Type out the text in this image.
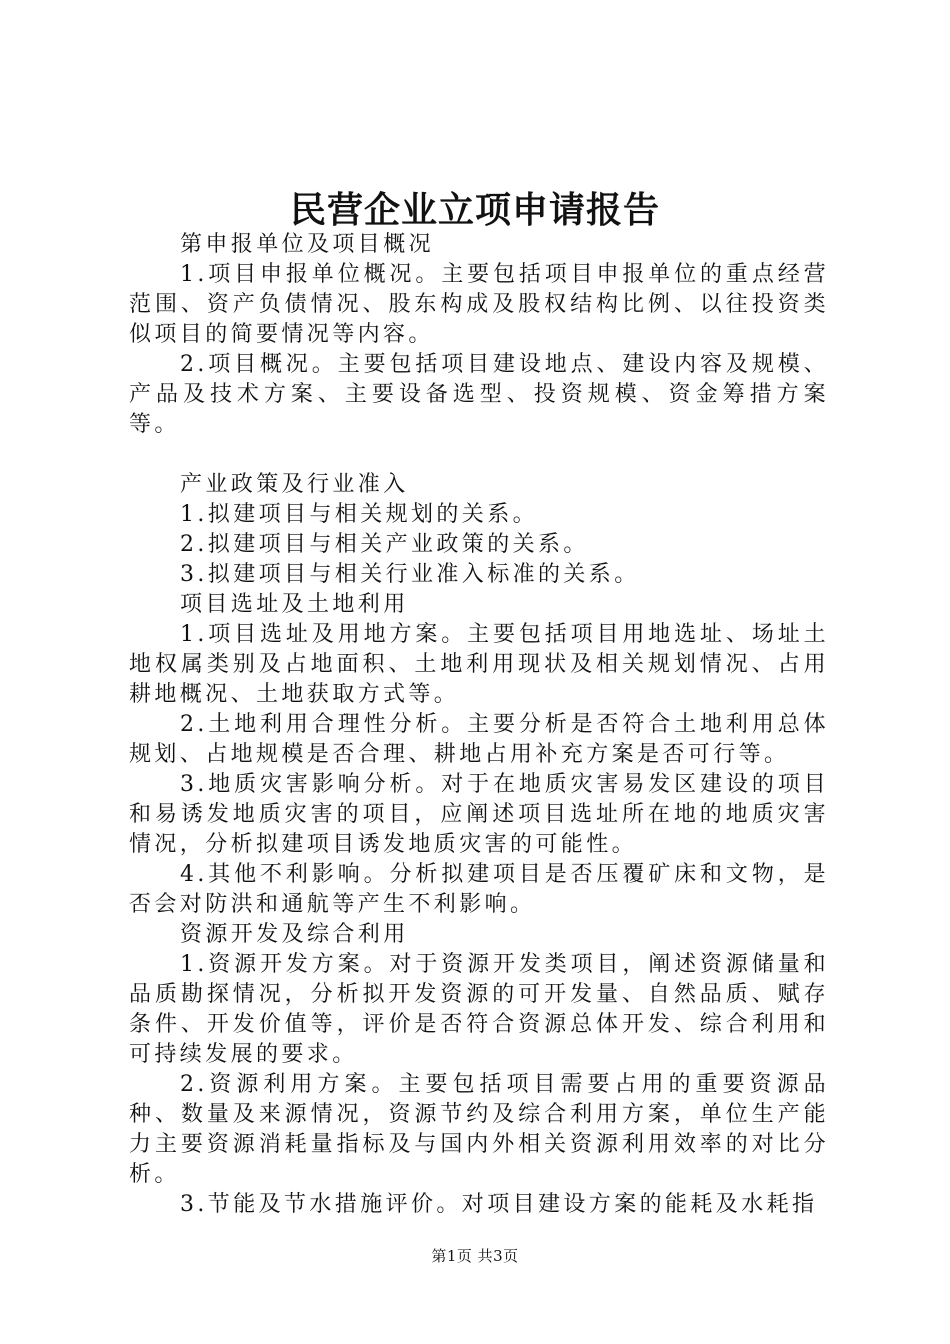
民营企业立项申请报告

第申报单位及项目概况

1.项目申报单位概况。主要包括项目申报单位的重点经营范围、资产负债情况、股东构成及股权结构比例、以往投资类似项目的简要情况等内容。

2.项目概况。主要包括项目建设地点、建设内容及规模、产品及技术方案、主要设备选型、投资规模、资金筹措方案等。

产业政策及行业准入

1.拟建项目与相关规划的关系。

2.拟建项目与相关产业政策的关系。

3.拟建项目与相关行业准入标准的关系。

项目选址及土地利用

1.项目选址及用地方案。主要包括项目用地选址、场址土地权属类别及占地面积、土地利用现状及相关规划情况、占用耕地概况、土地获取方式等。

2.土地利用合理性分析。主要分析是否符合土地利用总体规划、占地规模是否合理、耕地占用补充方案是否可行等。

3.地质灾害影响分析。对于在地质灾害易发区建设的项目和易诱发地质灾害的项目，应阐述项目选址所在地的地质灾害情况，分析拟建项目诱发地质灾害的可能性。

4.其他不利影响。分析拟建项目是否压覆矿床和文物，是否会对防洪和通航等产生不利影响。

资源开发及综合利用

1.资源开发方案。对于资源开发类项目，阐述资源储量和品质勘探情况，分析拟开发资源的可开发量、自然品质、赋存条件、开发价值等，评价是否符合资源总体开发、综合利用和可持续发展的要求。

2.资源利用方案。主要包括项目需要占用的重要资源品种、数量及来源情况，资源节约及综合利用方案，单位生产能力主要资源消耗量指标及与国内外相关资源利用效率的对比分析。

3.节能及节水措施评价。对项目建设方案的能耗及水耗指

第1页 共3页
